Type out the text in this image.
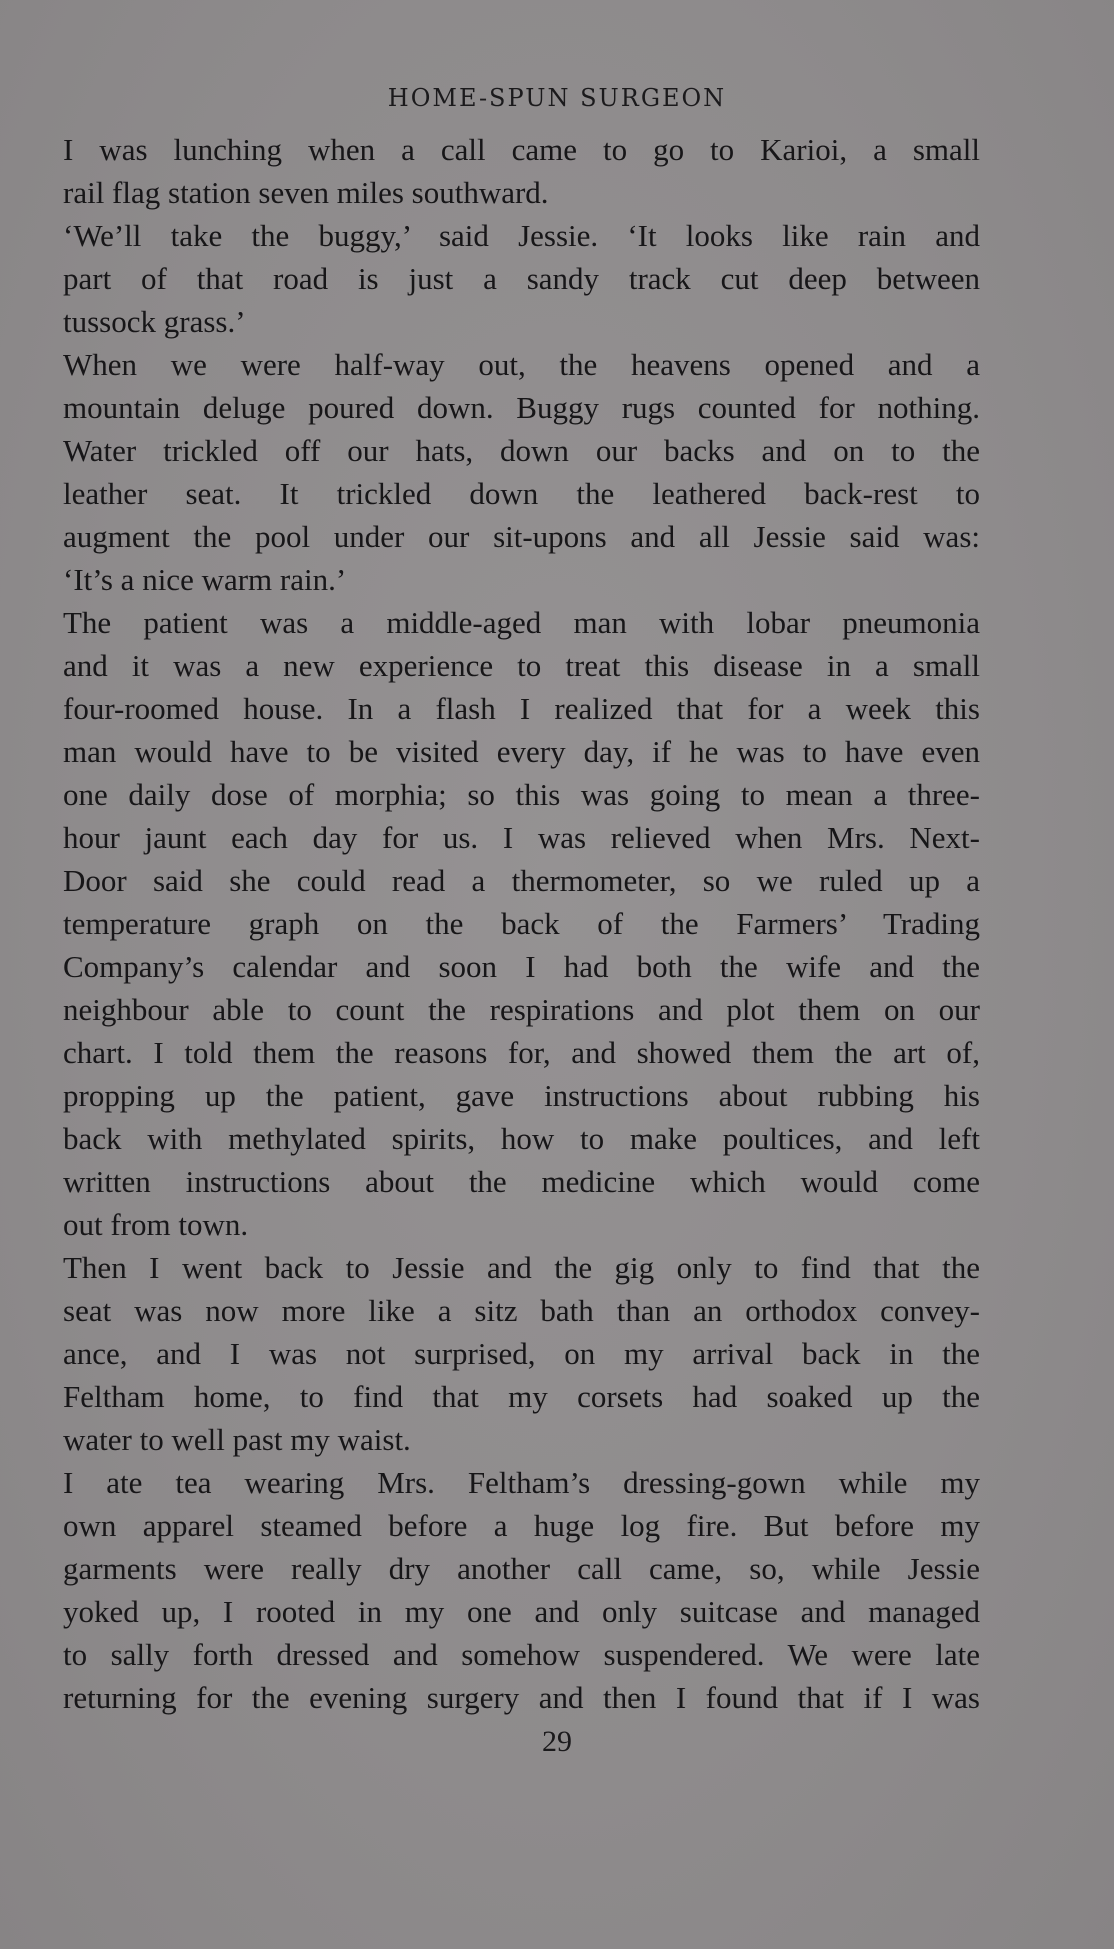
HOME-SPUN SURGEON

I was lunching when a call came to go to Karioi, a small
rail flag station seven miles southward.

‘We’ll take the buggy,’ said Jessie. ‘It looks like rain and
part of that road is just a sandy track cut deep between
tussock grass.’

When we were half-way out, the heavens opened and a
mountain deluge poured down. Buggy rugs counted for nothing.
Water trickled off our hats, down our backs and on to the
leather seat. It trickled down the leathered back-rest to
augment the pool under our sit-upons and all Jessie said was:
‘It’s a nice warm rain.’

The patient was a middle-aged man with lobar pneumonia
and it was a new experience to treat this disease in a small
four-roomed house. In a flash I realized that for a week this
man would have to be visited every day, if he was to have even
one daily dose of morphia; so this was going to mean a three-
hour jaunt each day for us. I was relieved when Mrs. Next-
Door said she could read a thermometer, so we ruled up a
temperature graph on the back of the Farmers’ Trading
Company’s calendar and soon I had both the wife and the
neighbour able to count the respirations and plot them on our
chart. I told them the reasons for, and showed them the art of,
propping up the patient, gave instructions about rubbing his
back with methylated spirits, how to make poultices, and left
written instructions about the medicine which would come
out from town.

Then I went back to Jessie and the gig only to find that the
seat was now more like a sitz bath than an orthodox convey-
ance, and I was not surprised, on my arrival back in the
Feltham home, to find that my corsets had soaked up the
water to well past my waist.

I ate tea wearing Mrs. Feltham’s dressing-gown while my
own apparel steamed before a huge log fire. But before my
garments were really dry another call came, so, while Jessie
yoked up, I rooted in my one and only suitcase and managed
to sally forth dressed and somehow suspendered. We were late
returning for the evening surgery and then I found that if I was

29
